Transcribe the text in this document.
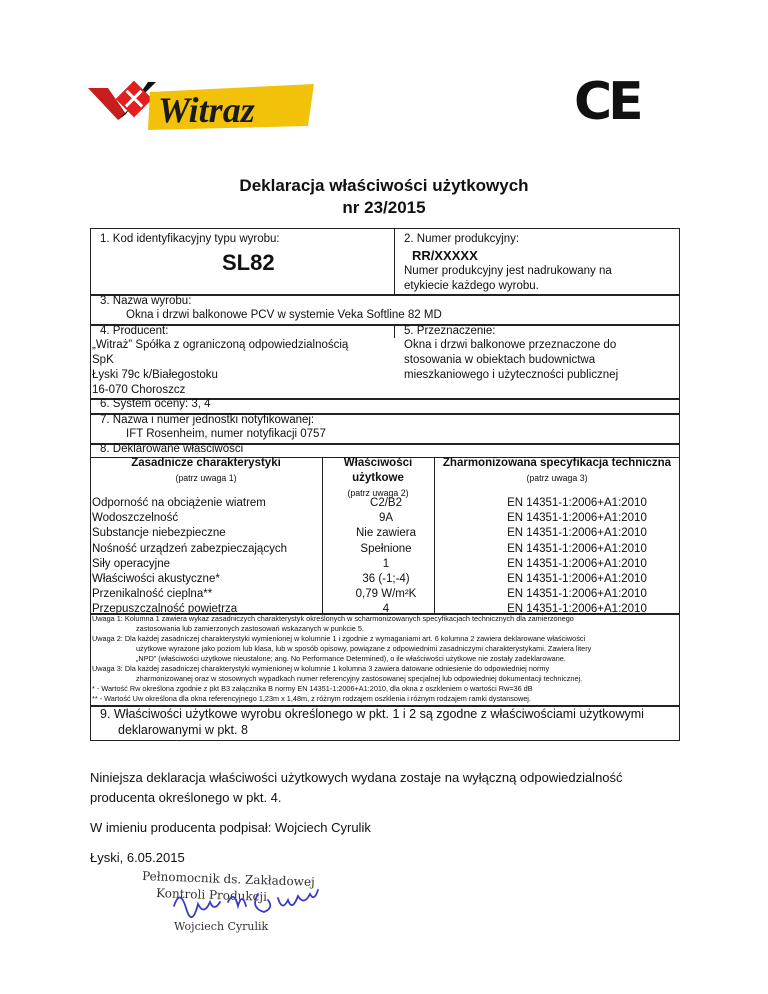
Witraz	CE
Deklaracja właściwości użytkowych
nr 23/2015
1. Kod identyfikacyjny typu wyrobu:
SL82
2. Numer produkcyjny:
RR/XXXXX
Numer produkcyjny jest nadrukowany na
etykiecie każdego wyrobu.
3. Nazwa wyrobu:
Okna i drzwi balkonowe PCV w systemie Veka Softline 82 MD
4. Producent:
„Witraż” Spółka z ograniczoną odpowiedzialnością
SpK
Łyski 79c k/Białegostoku
16-070 Choroszcz
5. Przeznaczenie:
Okna i drzwi balkonowe przeznaczone do
stosowania w obiektach budownictwa
mieszkaniowego i użyteczności publicznej
6. System oceny: 3, 4
7. Nazwa i numer jednostki notyfikowanej:
IFT Rosenheim, numer notyfikacji 0757
8. Deklarowane właściwości
Zasadnicze charakterystyki
(patrz uwaga 1)
Właściwości
użytkowe
(patrz uwaga 2)
Zharmonizowana specyfikacja techniczna
(patrz uwaga 3)
Odporność na obciążenie wiatrem	C2/B2	EN 14351-1:2006+A1:2010
Wodoszczelność	9A	EN 14351-1:2006+A1:2010
Substancje niebezpieczne	Nie zawiera	EN 14351-1:2006+A1:2010
Nośność urządzeń zabezpieczających	Spełnione	EN 14351-1:2006+A1:2010
Siły operacyjne	1	EN 14351-1:2006+A1:2010
Właściwości akustyczne*	36 (-1;-4)	EN 14351-1:2006+A1:2010
Przenikalność cieplna**	0,79 W/m²K	EN 14351-1:2006+A1:2010
Przepuszczalność powietrza	4	EN 14351-1:2006+A1:2010
Uwaga 1: Kolumna 1 zawiera wykaz zasadniczych charakterystyk określonych w scharmonizowanych specyfikacjach technicznych dla zamierzonego
zastosowania lub zamierzonych zastosowań wskazanych w punkcie 5.
Uwaga 2: Dla każdej zasadniczej charakterystyki wymienionej w kolumnie 1 i zgodnie z wymaganiami art. 6 kolumna 2 zawiera deklarowane właściwości
użytkowe wyrażone jako poziom lub klasa, lub w sposób opisowy, powiązane z odpowiednimi zasadniczymi charakterystykami. Zawiera litery
„NPD” (właściwości użytkowe nieustalone; ang. No Performance Determined), o ile właściwości użytkowe nie zostały zadeklarowane.
Uwaga 3: Dla każdej zasadniczej charakterystyki wymienionej w kolumnie 1 kolumna 3 zawiera datowane odniesienie do odpowiedniej normy
zharmonizowanej oraz w stosownych wypadkach numer referencyjny zastosowanej specjalnej lub odpowiedniej dokumentacji technicznej.
* - Wartość Rw określona zgodnie z pkt B3 załącznika B normy EN 14351-1:2006+A1:2010, dla okna z oszkleniem o wartości Rw=36 dB
** - Wartość Uw określona dla okna referencyjnego 1,23m x 1,48m, z różnym rodzajem oszklenia i różnym rodzajem ramki dystansowej.
9. Właściwości użytkowe wyrobu określonego w pkt. 1 i 2 są zgodne z właściwościami użytkowymi
deklarowanymi w pkt. 8
Niniejsza deklaracja właściwości użytkowych wydana zostaje na wyłączną odpowiedzialność
producenta określonego w pkt. 4.
W imieniu producenta podpisał: Wojciech Cyrulik
Łyski, 6.05.2015
Pełnomocnik ds. Zakładowej
Kontroli Produkcji
Wojciech Cyrulik
